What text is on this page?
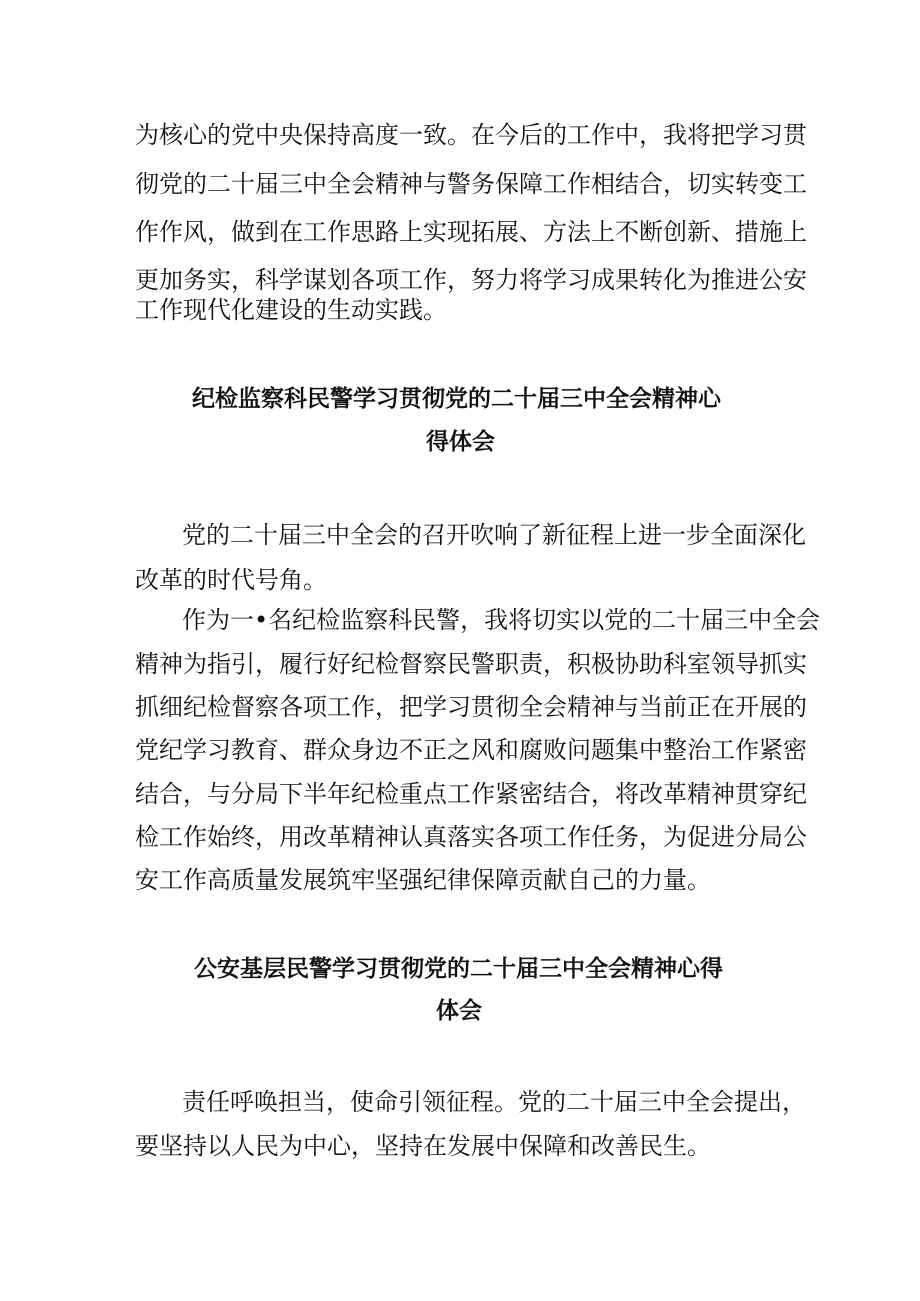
为核心的党中央保持高度一致。在今后的工作中，我将把学习贯
彻党的二十届三中全会精神与警务保障工作相结合，切实转变工
作作风，做到在工作思路上实现拓展、方法上不断创新、措施上
更加务实，科学谋划各项工作，努力将学习成果转化为推进公安
工作现代化建设的生动实践。
纪检监察科民警学习贯彻党的二十届三中全会精神心
得体会
党的二十届三中全会的召开吹响了新征程上进一步全面深化
改革的时代号角。
作为一•名纪检监察科民警，我将切实以党的二十届三中全会
精神为指引，履行好纪检督察民警职责，积极协助科室领导抓实
抓细纪检督察各项工作，把学习贯彻全会精神与当前正在开展的
党纪学习教育、群众身边不正之风和腐败问题集中整治工作紧密
结合，与分局下半年纪检重点工作紧密结合，将改革精神贯穿纪
检工作始终，用改革精神认真落实各项工作任务，为促进分局公
安工作高质量发展筑牢坚强纪律保障贡献自己的力量。
公安基层民警学习贯彻党的二十届三中全会精神心得
体会
责任呼唤担当，使命引领征程。党的二十届三中全会提出，
要坚持以人民为中心，坚持在发展中保障和改善民生。
